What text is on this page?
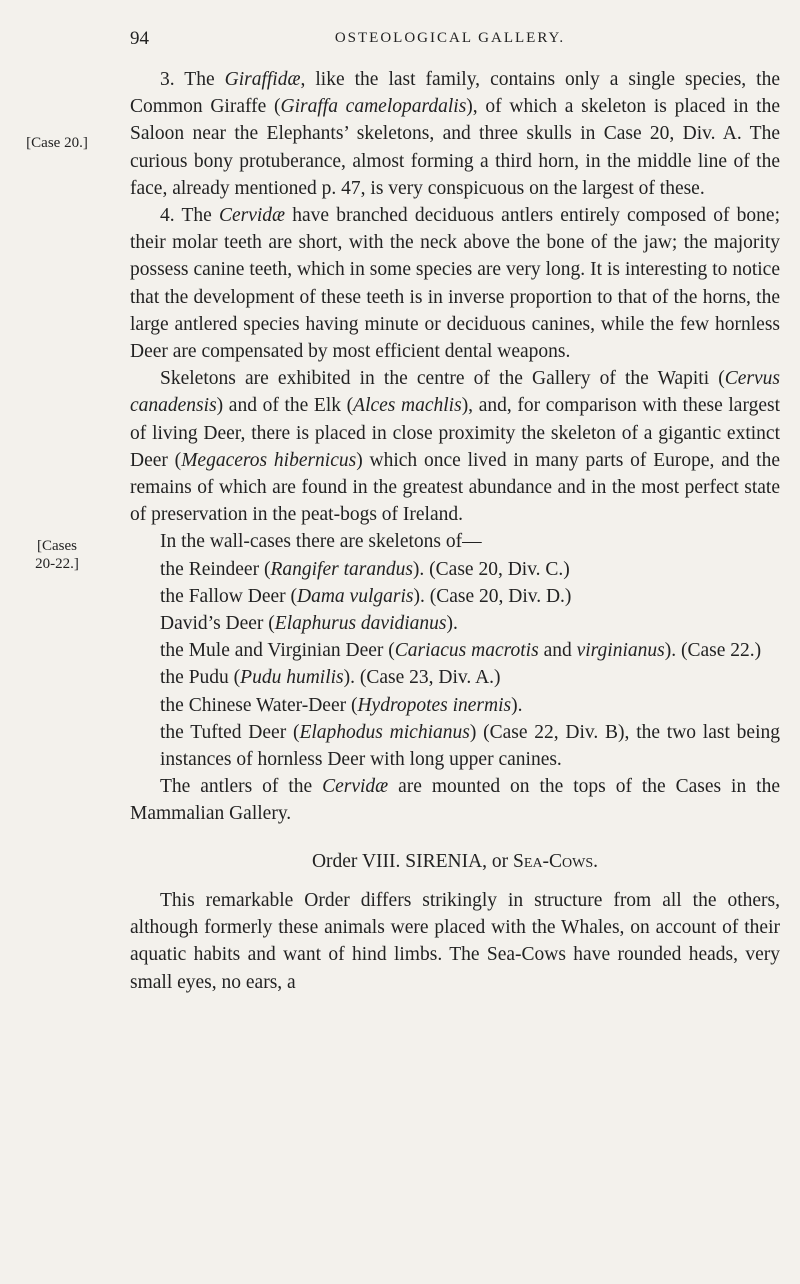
94	OSTEOLOGICAL GALLERY.
[Case 20.]
[Cases
20-22.]

3. The Giraffidæ, like the last family, contains only a single species, the Common Giraffe (Giraffa camelopardalis), of which a skeleton is placed in the Saloon near the Elephants’ skeletons, and three skulls in Case 20, Div. A. The curious bony protuberance, almost forming a third horn, in the middle line of the face, already mentioned p. 47, is very conspicuous on the largest of these.

4. The Cervidæ have branched deciduous antlers entirely composed of bone; their molar teeth are short, with the neck above the bone of the jaw; the majority possess canine teeth, which in some species are very long. It is interesting to notice that the development of these teeth is in inverse proportion to that of the horns, the large antlered species having minute or deciduous canines, while the few hornless Deer are compensated by most efficient dental weapons.

Skeletons are exhibited in the centre of the Gallery of the Wapiti (Cervus canadensis) and of the Elk (Alces machlis), and, for comparison with these largest of living Deer, there is placed in close proximity the skeleton of a gigantic extinct Deer (Megaceros hibernicus) which once lived in many parts of Europe, and the remains of which are found in the greatest abundance and in the most perfect state of preservation in the peat-bogs of Ireland.

In the wall-cases there are skeletons of—

the Reindeer (Rangifer tarandus). (Case 20, Div. C.)

the Fallow Deer (Dama vulgaris). (Case 20, Div. D.)

David’s Deer (Elaphurus davidianus).

the Mule and Virginian Deer (Cariacus macrotis and virginianus). (Case 22.)

the Pudu (Pudu humilis). (Case 23, Div. A.)

the Chinese Water-Deer (Hydropotes inermis).

the Tufted Deer (Elaphodus michianus) (Case 22, Div. B), the two last being instances of hornless Deer with long upper canines.

The antlers of the Cervidæ are mounted on the tops of the Cases in the Mammalian Gallery.

Order VIII. SIRENIA, or Sea-Cows.

This remarkable Order differs strikingly in structure from all the others, although formerly these animals were placed with the Whales, on account of their aquatic habits and want of hind limbs. The Sea-Cows have rounded heads, very small eyes, no ears, a
